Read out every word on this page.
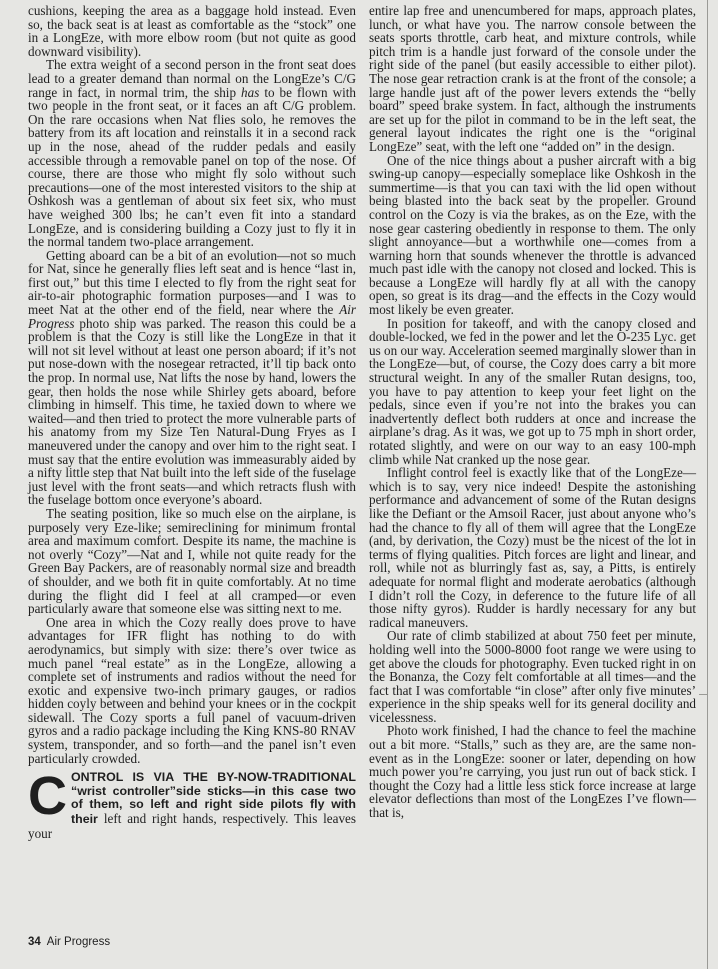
cushions, keeping the area as a baggage hold instead. Even so, the back seat is at least as comfortable as the “stock” one in a LongEze, with more elbow room (but not quite as good downward visibility).

The extra weight of a second person in the front seat does lead to a greater demand than normal on the LongEze’s C/G range in fact, in normal trim, the ship has to be flown with two people in the front seat, or it faces an aft C/G problem. On the rare occasions when Nat flies solo, he removes the battery from its aft location and reinstalls it in a second rack up in the nose, ahead of the rudder pedals and easily accessible through a removable panel on top of the nose. Of course, there are those who might fly solo without such precautions—one of the most interested visitors to the ship at Oshkosh was a gentleman of about six feet six, who must have weighed 300 lbs; he can’t even fit into a standard LongEze, and is considering building a Cozy just to fly it in the normal tandem two-place arrangement.

Getting aboard can be a bit of an evolution—not so much for Nat, since he generally flies left seat and is hence “last in, first out,” but this time I elected to fly from the right seat for air-to-air photographic formation purposes—and I was to meet Nat at the other end of the field, near where the Air Progress photo ship was parked. The reason this could be a problem is that the Cozy is still like the LongEze in that it will not sit level without at least one person aboard; if it’s not put nose-down with the nosegear retracted, it’ll tip back onto the prop. In normal use, Nat lifts the nose by hand, lowers the gear, then holds the nose while Shirley gets aboard, before climbing in himself. This time, he taxied down to where we waited—and then tried to protect the more vulnerable parts of his anatomy from my Size Ten Natural-Dung Fryes as I maneuvered under the canopy and over him to the right seat. I must say that the entire evolution was immeasurably aided by a nifty little step that Nat built into the left side of the fuselage just level with the front seats—and which retracts flush with the fuselage bottom once everyone’s aboard.

The seating position, like so much else on the airplane, is purposely very Eze-like; semireclining for minimum frontal area and maximum comfort. Despite its name, the machine is not overly “Cozy”—Nat and I, while not quite ready for the Green Bay Packers, are of reasonably normal size and breadth of shoulder, and we both fit in quite comfortably. At no time during the flight did I feel at all cramped—or even particularly aware that someone else was sitting next to me.

One area in which the Cozy really does prove to have advantages for IFR flight has nothing to do with aerodynamics, but simply with size: there’s over twice as much panel “real estate” as in the LongEze, allowing a complete set of instruments and radios without the need for exotic and expensive two-inch primary gauges, or radios hidden coyly between and behind your knees or in the cockpit sidewall. The Cozy sports a full panel of vacuum-driven gyros and a radio package including the King KNS-80 RNAV system, transponder, and so forth—and the panel isn’t even particularly crowded.

CONTROL IS VIA THE BY-NOW-TRADITIONAL “wrist controller”side sticks—in this case two of them, so left and right side pilots fly with their left and right hands, respectively. This leaves your

entire lap free and unencumbered for maps, approach plates, lunch, or what have you. The narrow console between the seats sports throttle, carb heat, and mixture controls, while pitch trim is a handle just forward of the console under the right side of the panel (but easily accessible to either pilot). The nose gear retraction crank is at the front of the console; a large handle just aft of the power levers extends the “belly board” speed brake system. In fact, although the instruments are set up for the pilot in command to be in the left seat, the general layout indicates the right one is the “original LongEze” seat, with the left one “added on” in the design.

One of the nice things about a pusher aircraft with a big swing-up canopy—especially someplace like Oshkosh in the summertime—is that you can taxi with the lid open without being blasted into the back seat by the propeller. Ground control on the Cozy is via the brakes, as on the Eze, with the nose gear castering obediently in response to them. The only slight annoyance—but a worthwhile one—comes from a warning horn that sounds whenever the throttle is advanced much past idle with the canopy not closed and locked. This is because a LongEze will hardly fly at all with the canopy open, so great is its drag—and the effects in the Cozy would most likely be even greater.

In position for takeoff, and with the canopy closed and double-locked, we fed in the power and let the O-235 Lyc. get us on our way. Acceleration seemed marginally slower than in the LongEze—but, of course, the Cozy does carry a bit more structural weight. In any of the smaller Rutan designs, too, you have to pay attention to keep your feet light on the pedals, since even if you’re not into the brakes you can inadvertently deflect both rudders at once and increase the airplane’s drag. As it was, we got up to 75 mph in short order, rotated slightly, and were on our way to an easy 100-mph climb while Nat cranked up the nose gear.

Inflight control feel is exactly like that of the LongEze—which is to say, very nice indeed! Despite the astonishing performance and advancement of some of the Rutan designs like the Defiant or the Amsoil Racer, just about anyone who’s had the chance to fly all of them will agree that the LongEze (and, by derivation, the Cozy) must be the nicest of the lot in terms of flying qualities. Pitch forces are light and linear, and roll, while not as blurringly fast as, say, a Pitts, is entirely adequate for normal flight and moderate aerobatics (although I didn’t roll the Cozy, in deference to the future life of all those nifty gyros). Rudder is hardly necessary for any but radical maneuvers.

Our rate of climb stabilized at about 750 feet per minute, holding well into the 5000-8000 foot range we were using to get above the clouds for photography. Even tucked right in on the Bonanza, the Cozy felt comfortable at all times—and the fact that I was comfortable “in close” after only five minutes’ experience in the ship speaks well for its general docility and vicelessness.

Photo work finished, I had the chance to feel the machine out a bit more. “Stalls,” such as they are, are the same non-event as in the LongEze: sooner or later, depending on how much power you’re carrying, you just run out of back stick. I thought the Cozy had a little less stick force increase at large elevator deflections than most of the LongEzes I’ve flown—that is,

34 Air Progress
